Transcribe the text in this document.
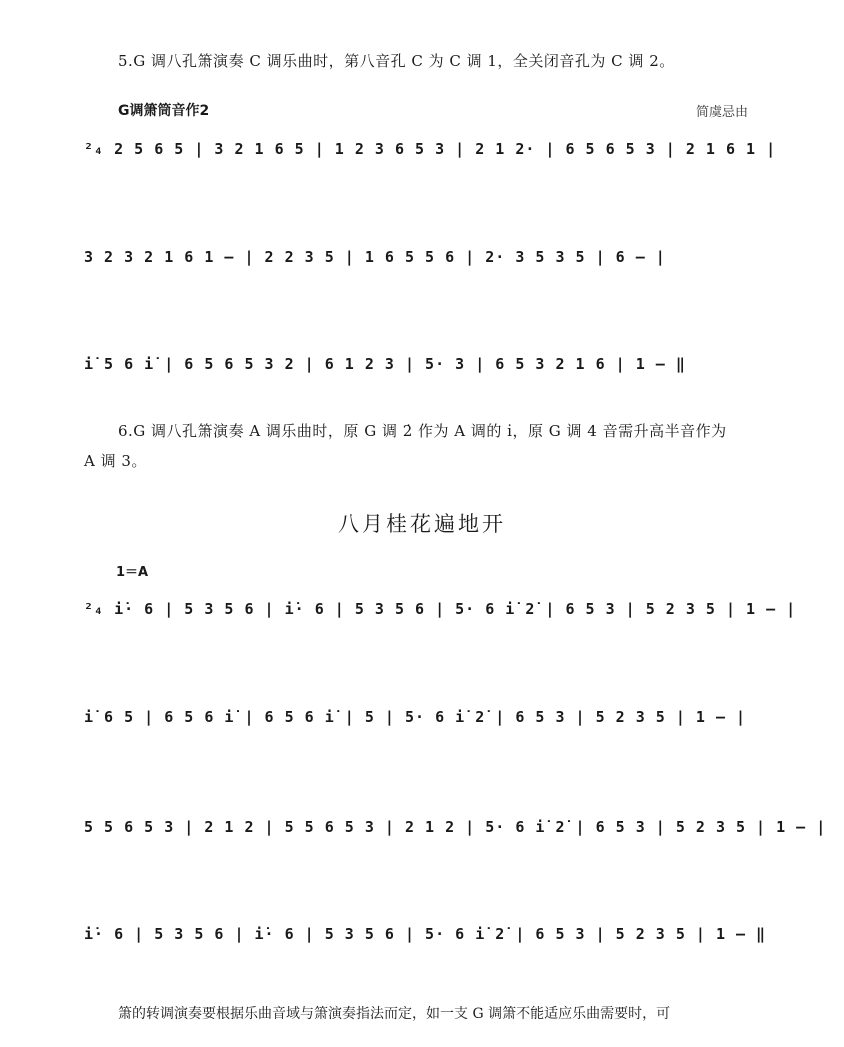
5.G 调八孔箫演奏 C 调乐曲时，第八音孔 C 为 C 调 1，全关闭音孔为 C 调 2。
G调箫筒音作2	简虞忌由
²₄ 2 5 6 5 | 3 2 1 6 5 | 1 2 3 6 5 3 | 2 1 2· | 6 5 6 5 3 | 2 1 6 1 |
3 2 3 2 1 6 1 – | 2 2 3 5 | 1 6 5 5 6 | 2· 3 5 3 5 | 6 – |
i̇ 5 6 i̇ | 6 5 6 5 3 2 | 6 1 2 3 | 5· 3 | 6 5 3 2 1 6 | 1 – ‖
6.G 调八孔箫演奏 A 调乐曲时，原 G 调 2̇ 作为 A 调的 i̇，原 G 调 4 音需升高半音作为
A 调 3。
八月桂花遍地开
1＝A
²₄ i̇· 6 | 5 3 5 6 | i̇· 6 | 5 3 5 6 | 5· 6 i̇ 2̇ | 6 5 3 | 5 2 3 5 | 1 – |
i̇ 6 5 | 6 5 6 i̇ | 6 5 6 i̇ | 5 | 5· 6 i̇ 2̇ | 6 5 3 | 5 2 3 5 | 1 – |
5 5 6 5 3 | 2 1 2 | 5 5 6 5 3 | 2 1 2 | 5· 6 i̇ 2̇ | 6 5 3 | 5 2 3 5 | 1 – |
i̇· 6 | 5 3 5 6 | i̇· 6 | 5 3 5 6 | 5· 6 i̇ 2̇ | 6 5 3 | 5 2 3 5 | 1 – ‖
箫的转调演奏要根据乐曲音域与箫演奏指法而定，如一支 G 调箫不能适应乐曲需要时，可
